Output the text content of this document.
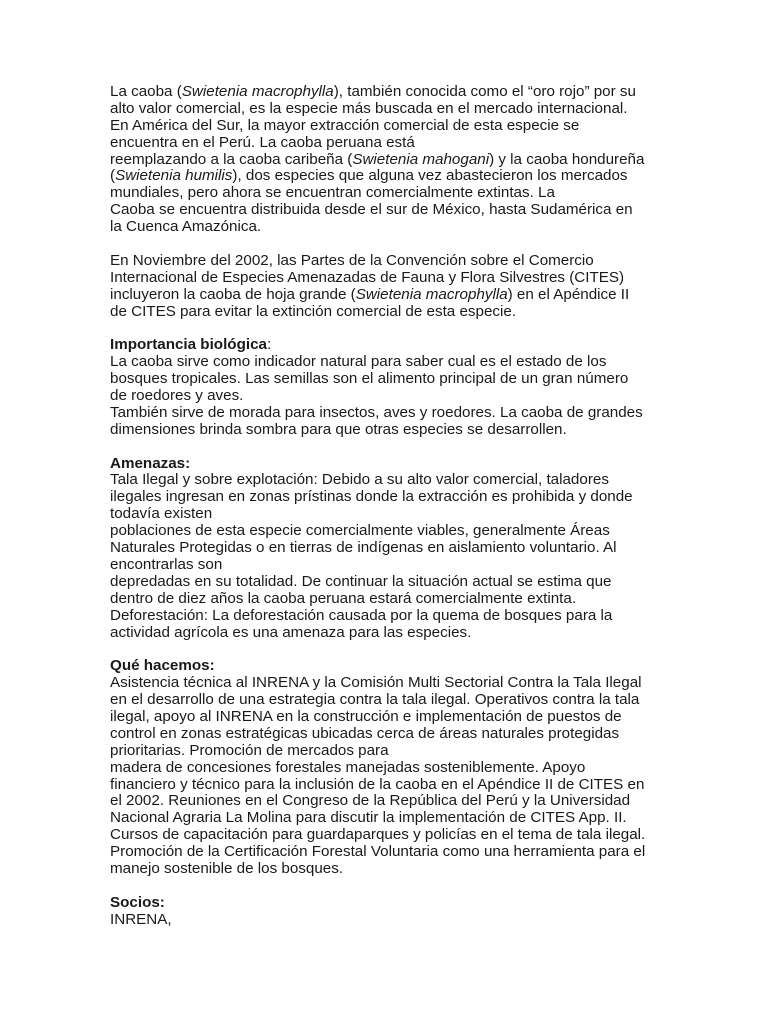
La caoba (Swietenia macrophylla), también conocida como el “oro rojo” por su
alto valor comercial, es la especie más buscada en el mercado internacional.
En América del Sur, la mayor extracción comercial de esta especie se
encuentra en el Perú. La caoba peruana está
reemplazando a la caoba caribeña (Swietenia mahogani) y la caoba hondureña
(Swietenia humilis), dos especies que alguna vez abastecieron los mercados
mundiales, pero ahora se encuentran comercialmente extintas. La
Caoba se encuentra distribuida desde el sur de México, hasta Sudamérica en
la Cuenca Amazónica.
En Noviembre del 2002, las Partes de la Convención sobre el Comercio
Internacional de Especies Amenazadas de Fauna y Flora Silvestres (CITES)
incluyeron la caoba de hoja grande (Swietenia macrophylla) en el Apéndice II
de CITES para evitar la extinción comercial de esta especie.
Importancia biológica:
La caoba sirve como indicador natural para saber cual es el estado de los
bosques tropicales. Las semillas son el alimento principal de un gran número
de roedores y aves.
También sirve de morada para insectos, aves y roedores. La caoba de grandes
dimensiones brinda sombra para que otras especies se desarrollen.
Amenazas:
Tala Ilegal y sobre explotación: Debido a su alto valor comercial, taladores
ilegales ingresan en zonas prístinas donde la extracción es prohibida y donde
todavía existen
poblaciones de esta especie comercialmente viables, generalmente Áreas
Naturales Protegidas o en tierras de indígenas en aislamiento voluntario. Al
encontrarlas son
depredadas en su totalidad. De continuar la situación actual se estima que
dentro de diez años la caoba peruana estará comercialmente extinta.
Deforestación: La deforestación causada por la quema de bosques para la
actividad agrícola es una amenaza para las especies.
Qué hacemos:
Asistencia técnica al INRENA y la Comisión Multi Sectorial Contra la Tala Ilegal
en el desarrollo de una estrategia contra la tala ilegal. Operativos contra la tala
ilegal, apoyo al INRENA en la construcción e implementación de puestos de
control en zonas estratégicas ubicadas cerca de áreas naturales protegidas
prioritarias. Promoción de mercados para
madera de concesiones forestales manejadas sosteniblemente. Apoyo
financiero y técnico para la inclusión de la caoba en el Apéndice II de CITES en
el 2002. Reuniones en el Congreso de la República del Perú y la Universidad
Nacional Agraria La Molina para discutir la implementación de CITES App. II.
Cursos de capacitación para guardaparques y policías en el tema de tala ilegal.
Promoción de la Certificación Forestal Voluntaria como una herramienta para el
manejo sostenible de los bosques.
Socios:
INRENA,
